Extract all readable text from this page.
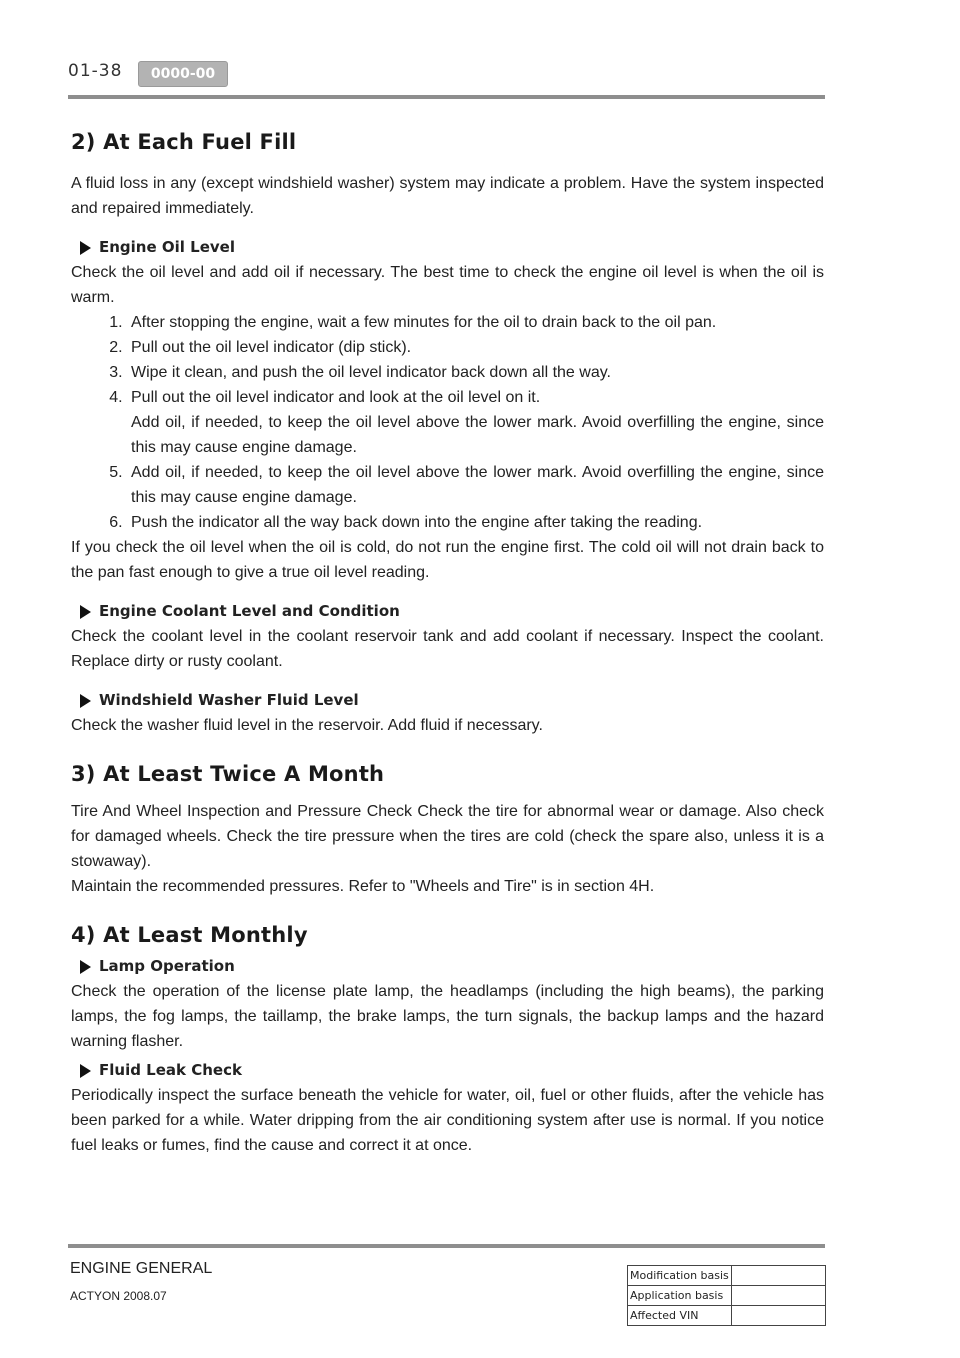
01-38	0000-00
2) At Each Fuel Fill

A fluid loss in any (except windshield washer) system may indicate a problem. Have the system inspected and repaired immediately.

Engine Oil Level

Check the oil level and add oil if necessary. The best time to check the engine oil level is when the oil is warm.

1. After stopping the engine, wait a few minutes for the oil to drain back to the oil pan.
2. Pull out the oil level indicator (dip stick).
3. Wipe it clean, and push the oil level indicator back down all the way.
4. Pull out the oil level indicator and look at the oil level on it.
Add oil, if needed, to keep the oil level above the lower mark. Avoid overfilling the engine, since this may cause engine damage.
5. Add oil, if needed, to keep the oil level above the lower mark. Avoid overfilling the engine, since this may cause engine damage.
6. Push the indicator all the way back down into the engine after taking the reading.

If you check the oil level when the oil is cold, do not run the engine first. The cold oil will not drain back to the pan fast enough to give a true oil level reading.

Engine Coolant Level and Condition

Check the coolant level in the coolant reservoir tank and add coolant if necessary. Inspect the coolant. Replace dirty or rusty coolant.

Windshield Washer Fluid Level

Check the washer fluid level in the reservoir. Add fluid if necessary.

3) At Least Twice A Month

Tire And Wheel Inspection and Pressure Check Check the tire for abnormal wear or damage. Also check for damaged wheels. Check the tire pressure when the tires are cold (check the spare also, unless it is a stowaway).

Maintain the recommended pressures. Refer to "Wheels and Tire" is in section 4H.

4) At Least Monthly
Lamp Operation

Check the operation of the license plate lamp, the headlamps (including the high beams), the parking lamps, the fog lamps, the taillamp, the brake lamps, the turn signals, the backup lamps and the hazard warning flasher.

Fluid Leak Check

Periodically inspect the surface beneath the vehicle for water, oil, fuel or other fluids, after the vehicle has been parked for a while. Water dripping from the air conditioning system after use is normal. If you notice fuel leaks or fumes, find the cause and correct it at once.

ENGINE GENERAL
ACTYON 2008.07
Modification basis	
Application basis	
Affected VIN	
